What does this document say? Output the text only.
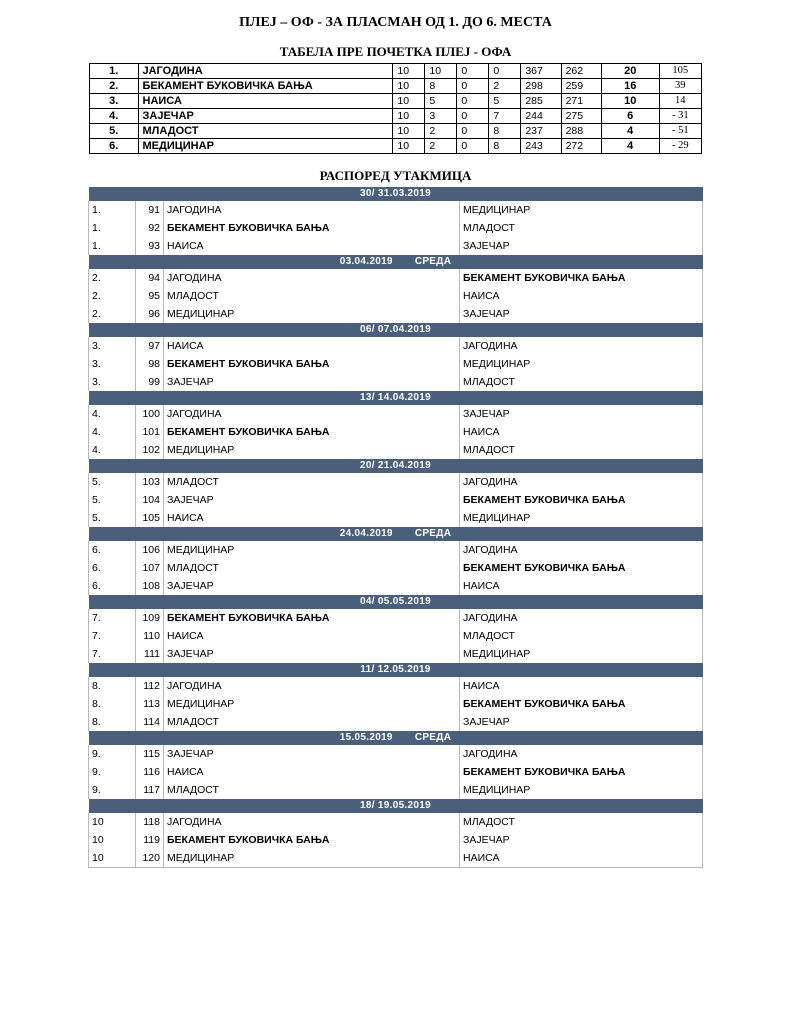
ПЛЕЈ – ОФ - ЗА ПЛАСМАН ОД 1. ДО 6. МЕСТА
ТАБЕЛА ПРЕ ПОЧЕТКА ПЛЕЈ - ОФА
1.	ЈАГОДИНА	10	10	0	0	367	262	20	105
2.	БЕКАМЕНТ БУКОВИЧКА БАЊА	10	8	0	2	298	259	16	39
3.	НАИСА	10	5	0	5	285	271	10	14
4.	ЗАЈЕЧАР	10	3	0	7	244	275	6	- 31
5.	МЛАДОСТ	10	2	0	8	237	288	4	- 51
6.	МЕДИЦИНАР	10	2	0	8	243	272	4	- 29
РАСПОРЕД УТАКМИЦА
30/ 31.03.2019			
1.	91	ЈАГОДИНА	МЕДИЦИНАР
1.	92	БЕКАМЕНТ БУКОВИЧКА БАЊА	МЛАДОСТ
1.	93	НАИСА	ЗАЈЕЧАР
03.04.2019 СРЕДА			
2.	94	ЈАГОДИНА	БЕКАМЕНТ БУКОВИЧКА БАЊА
2.	95	МЛАДОСТ	НАИСА
2.	96	МЕДИЦИНАР	ЗАЈЕЧАР
06/ 07.04.2019			
3.	97	НАИСА	ЈАГОДИНА
3.	98	БЕКАМЕНТ БУКОВИЧКА БАЊА	МЕДИЦИНАР
3.	99	ЗАЈЕЧАР	МЛАДОСТ
13/ 14.04.2019			
4.	100	ЈАГОДИНА	ЗАЈЕЧАР
4.	101	БЕКАМЕНТ БУКОВИЧКА БАЊА	НАИСА
4.	102	МЕДИЦИНАР	МЛАДОСТ
20/ 21.04.2019			
5.	103	МЛАДОСТ	ЈАГОДИНА
5.	104	ЗАЈЕЧАР	БЕКАМЕНТ БУКОВИЧКА БАЊА
5.	105	НАИСА	МЕДИЦИНАР
24.04.2019 СРЕДА			
6.	106	МЕДИЦИНАР	ЈАГОДИНА
6.	107	МЛАДОСТ	БЕКАМЕНТ БУКОВИЧКА БАЊА
6.	108	ЗАЈЕЧАР	НАИСА
04/ 05.05.2019			
7.	109	БЕКАМЕНТ БУКОВИЧКА БАЊА	ЈАГОДИНА
7.	110	НАИСА	МЛАДОСТ
7.	111	ЗАЈЕЧАР	МЕДИЦИНАР
11/ 12.05.2019			
8.	112	ЈАГОДИНА	НАИСА
8.	113	МЕДИЦИНАР	БЕКАМЕНТ БУКОВИЧКА БАЊА
8.	114	МЛАДОСТ	ЗАЈЕЧАР
15.05.2019 СРЕДА			
9.	115	ЗАЈЕЧАР	ЈАГОДИНА
9.	116	НАИСА	БЕКАМЕНТ БУКОВИЧКА БАЊА
9.	117	МЛАДОСТ	МЕДИЦИНАР
18/ 19.05.2019			
10	118	ЈАГОДИНА	МЛАДОСТ
10	119	БЕКАМЕНТ БУКОВИЧКА БАЊА	ЗАЈЕЧАР
10	120	МЕДИЦИНАР	НАИСА
